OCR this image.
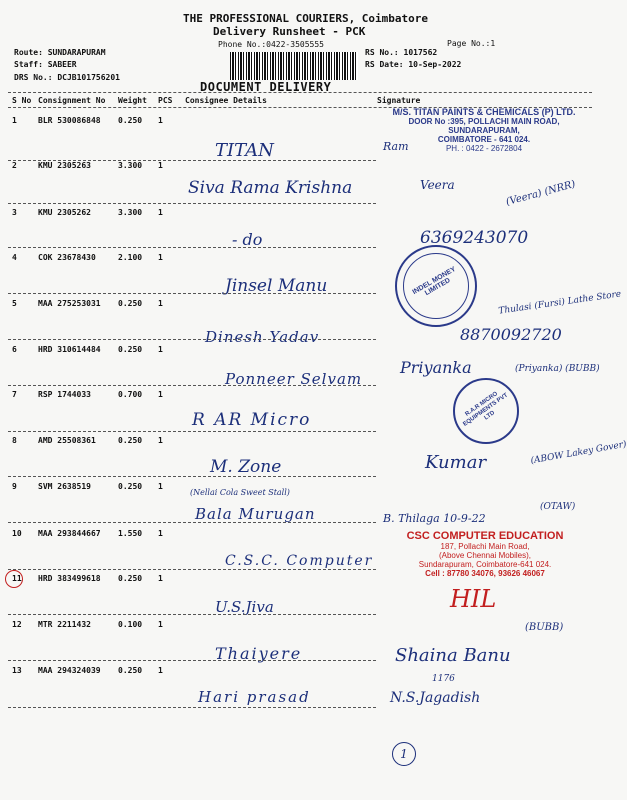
THE PROFESSIONAL COURIERS, Coimbatore
Delivery Runsheet - PCK
Phone No.:0422-3505555	Page No.:1
Route: SUNDARAPURAM
Staff: SABEER
DRS No.: DCJB101756201
RS No.: 1017562
RS Date: 10-Sep-2022
DOCUMENT DELIVERY
S No Consignment No Weight PCS Consignee Details	Signature
1	BLR 530086848 0.250 1
TITAN	Ram
2	KMU 2305263	3.300 1
Siva Rama Krishna	Veera	(Veera) (NRR)
3	KMU 2305262	3.300 1
- do	6369243070
4	COK 23678430	2.100 1
Jinsel Manu
5	MAA 275253031 0.250 1
Dinesh Yadav	8870092720
Thulasi (Fursi) Lathe Store
6	HRD 310614484 0.250 1
Ponneer Selvam
Priyanka	(Priyanka) (BUBB)
7	RSP 1744033	0.700 1
R AR Micro
8	AMD 25508361	0.250 1
M. Zone	Kumar	(ABOW Lakey Gover)
9	SVM 2638519	0.250 1
(Nellai Cola Sweet Stall)
Bala Murugan	B. Thilaga 10-9-22
(OTAW)
10 MAA 293844667 1.550 1
C.S.C. Computer
11 HRD 383499618 0.250 1
U.S.Jiva	HIL
12 MTR 2211432	0.100 1
Thaiyere	Shaina Banu
(BUBB)
13 MAA 294324039 0.250 1
Hari prasad	N.S.Jagadish
1176
M/S. TITAN PAINTS & CHEMICALS (P) LTD.
DOOR No :395, POLLACHI MAIN ROAD,
SUNDARAPURAM,
COIMBATORE - 641 024.
PH. : 0422 - 2672804
INDEL MONEY LIMITED
R.A.R MICRO EQUIPMENTS PVT LTD
CSC COMPUTER EDUCATION
187, Pollachi Main Road,
(Above Chennai Mobiles),
Sundarapuram, Coimbatore-641 024.
Cell : 87780 34076, 93626 46067
1
